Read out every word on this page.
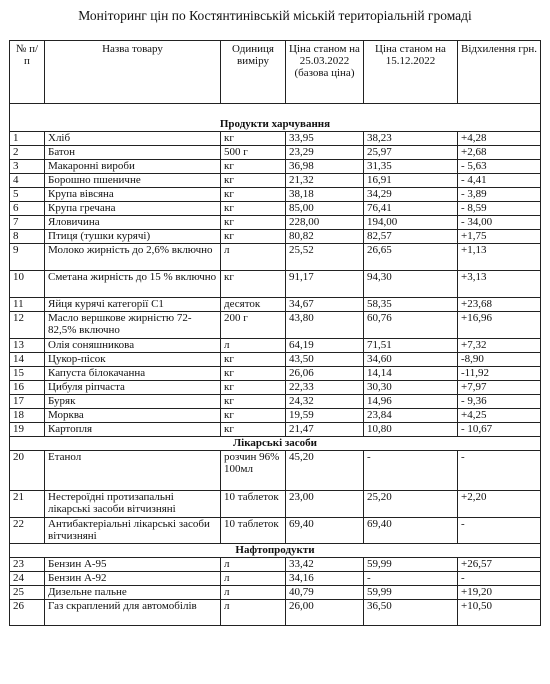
Моніторинг цін по Костянтинівській міській територіальній громаді
№ п/п	Назва товару	Одиниця виміру	Ціна станом на 25.03.2022 (базова ціна)	Ціна станом на 15.12.2022	Відхилення грн.
Продукти харчування					
1	Хліб	кг	33,95	38,23	+4,28
2	Батон	500 г	23,29	25,97	+2,68
3	Макаронні вироби	кг	36,98	31,35	- 5,63
4	Борошно пшеничне	кг	21,32	16,91	- 4,41
5	Крупа вівсяна	кг	38,18	34,29	- 3,89
6	Крупа гречана	кг	85,00	76,41	- 8,59
7	Яловичина	кг	228,00	194,00	- 34,00
8	Птиця (тушки курячі)	кг	80,82	82,57	+1,75
9	Молоко жирність до 2,6% включно	л	25,52	26,65	+1,13
10	Сметана жирність до 15 % включно	кг	91,17	94,30	+3,13
11	Яйця курячі категорії С1	десяток	34,67	58,35	+23,68
12	Масло вершкове жирністю 72-82,5% включно	200 г	43,80	60,76	+16,96
13	Олія соняшникова	л	64,19	71,51	+7,32
14	Цукор-пісок	кг	43,50	34,60	-8,90
15	Капуста білокачанна	кг	26,06	14,14	-11,92
16	Цибуля ріпчаста	кг	22,33	30,30	+7,97
17	Буряк	кг	24,32	14,96	- 9,36
18	Морква	кг	19,59	23,84	+4,25
19	Картопля	кг	21,47	10,80	- 10,67
Лікарські засоби					
20	Етанол	розчин 96% 100мл	45,20	-	-
21	Нестероїдні протизапальні лікарські засоби вітчизняні	10 таблеток	23,00	25,20	+2,20
22	Антибактеріальні лікарські засоби вітчизняні	10 таблеток	69,40	69,40	-
Нафтопродукти					
23	Бензин А-95	л	33,42	59,99	+26,57
24	Бензин А-92	л	34,16	-	-
25	Дизельне пальне	л	40,79	59,99	+19,20
26	Газ скраплений для автомобілів	л	26,00	36,50	+10,50
